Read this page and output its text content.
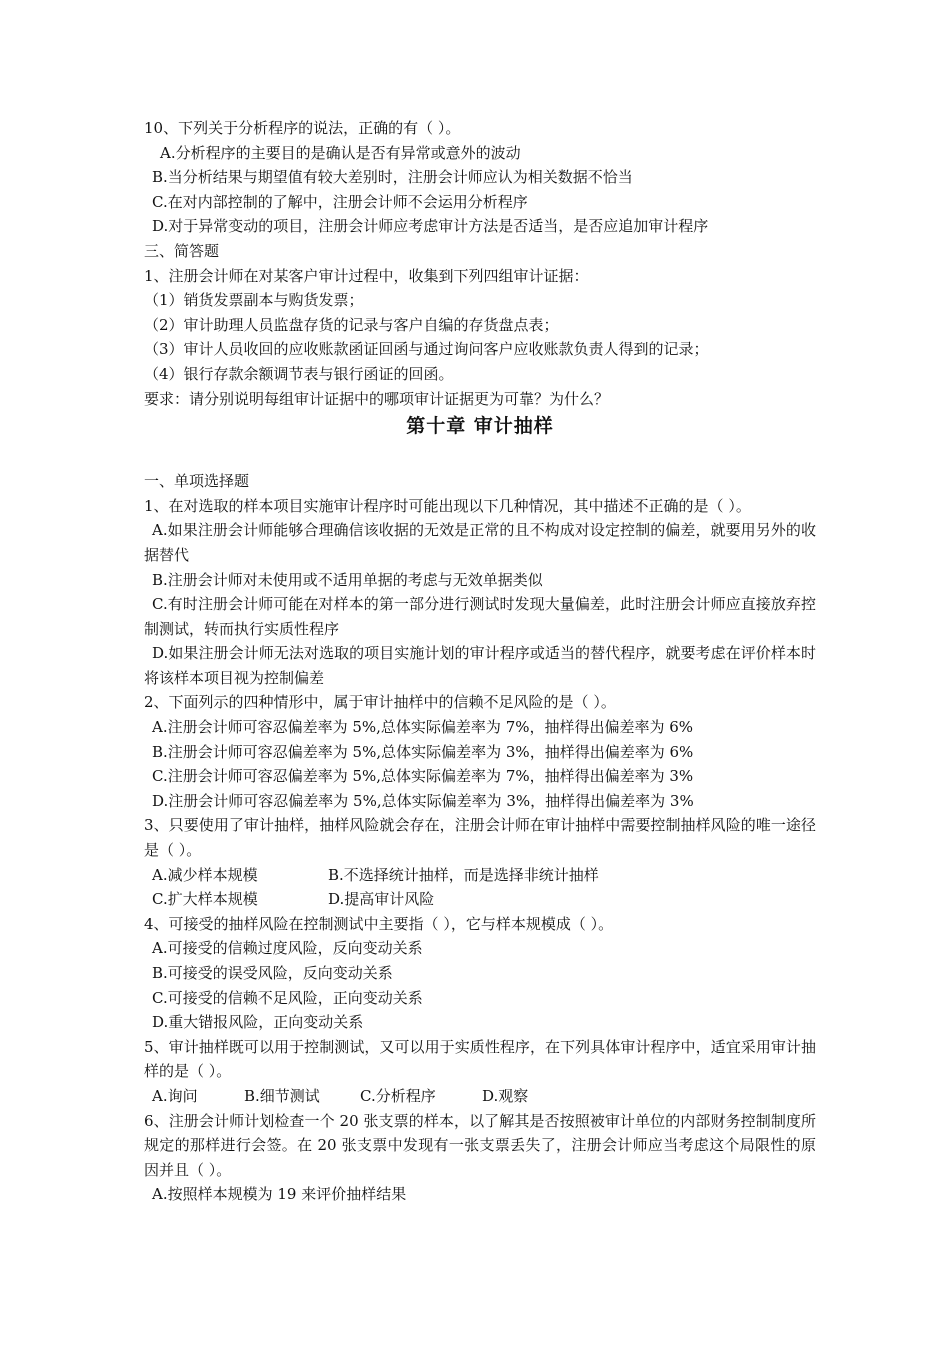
10、下列关于分析程序的说法，正确的有（ ）。
A.分析程序的主要目的是确认是否有异常或意外的波动
B.当分析结果与期望值有较大差别时，注册会计师应认为相关数据不恰当
C.在对内部控制的了解中，注册会计师不会运用分析程序
D.对于异常变动的项目，注册会计师应考虑审计方法是否适当，是否应追加审计程序
三、简答题
1、注册会计师在对某客户审计过程中，收集到下列四组审计证据：
（1）销货发票副本与购货发票；
（2）审计助理人员监盘存货的记录与客户自编的存货盘点表；
（3）审计人员收回的应收账款函证回函与通过询问客户应收账款负责人得到的记录；
（4）银行存款余额调节表与银行函证的回函。
要求：请分别说明每组审计证据中的哪项审计证据更为可靠？为什么？
第十章 审计抽样
一、单项选择题
1、在对选取的样本项目实施审计程序时可能出现以下几种情况，其中描述不正确的是（ ）。
A.如果注册会计师能够合理确信该收据的无效是正常的且不构成对设定控制的偏差，就要用另外的收据替代
B.注册会计师对未使用或不适用单据的考虑与无效单据类似
C.有时注册会计师可能在对样本的第一部分进行测试时发现大量偏差，此时注册会计师应直接放弃控制测试，转而执行实质性程序
D.如果注册会计师无法对选取的项目实施计划的审计程序或适当的替代程序，就要考虑在评价样本时将该样本项目视为控制偏差
2、下面列示的四种情形中，属于审计抽样中的信赖不足风险的是（ ）。
A.注册会计师可容忍偏差率为 5%,总体实际偏差率为 7%，抽样得出偏差率为 6%
B.注册会计师可容忍偏差率为 5%,总体实际偏差率为 3%，抽样得出偏差率为 6%
C.注册会计师可容忍偏差率为 5%,总体实际偏差率为 7%，抽样得出偏差率为 3%
D.注册会计师可容忍偏差率为 5%,总体实际偏差率为 3%，抽样得出偏差率为 3%
3、只要使用了审计抽样，抽样风险就会存在，注册会计师在审计抽样中需要控制抽样风险的唯一途径是（ ）。
A.减少样本规模	B.不选择统计抽样，而是选择非统计抽样
C.扩大样本规模	D.提高审计风险
4、可接受的抽样风险在控制测试中主要指（ ），它与样本规模成（ ）。
A.可接受的信赖过度风险，反向变动关系
B.可接受的误受风险，反向变动关系
C.可接受的信赖不足风险，正向变动关系
D.重大错报风险，正向变动关系
5、审计抽样既可以用于控制测试，又可以用于实质性程序，在下列具体审计程序中，适宜采用审计抽样的是（ ）。
A.询问	B.细节测试	C.分析程序	D.观察
6、注册会计师计划检查一个 20 张支票的样本，以了解其是否按照被审计单位的内部财务控制制度所规定的那样进行会签。在 20 张支票中发现有一张支票丢失了，注册会计师应当考虑这个局限性的原因并且（ ）。
A.按照样本规模为 19 来评价抽样结果
